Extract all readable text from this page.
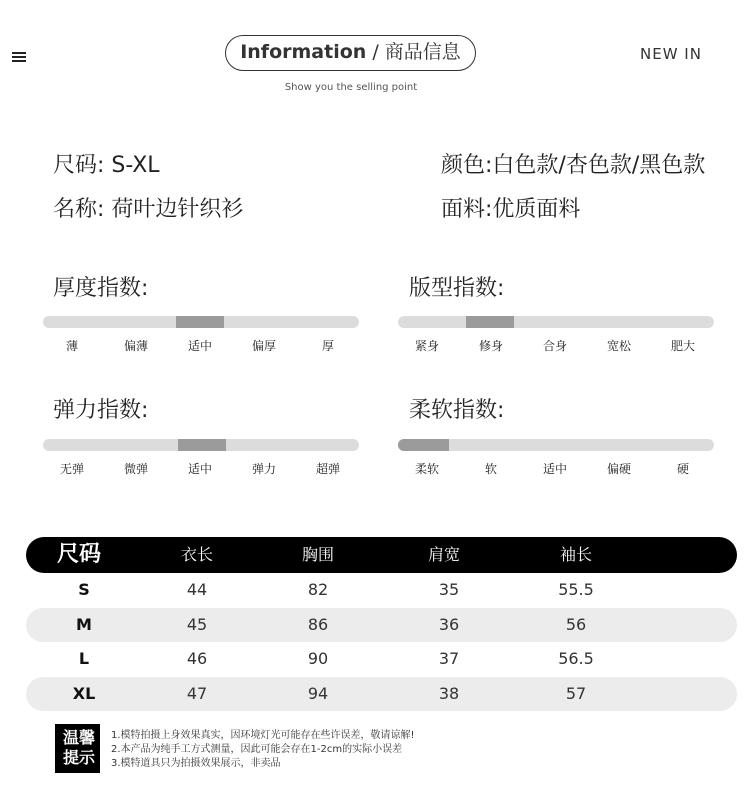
Information / 商品信息
Show you the selling point
NEW IN
尺码: S-XL
名称: 荷叶边针织衫
颜色:白色款/杏色款/黑色款
面料:优质面料
厚度指数:
薄	偏薄	适中	偏厚	厚
版型指数:
紧身	修身	合身	宽松	肥大
弹力指数:
无弹	微弹	适中	弹力	超弹
柔软指数:
柔软	软	适中	偏硬	硬
尺码	衣长	胸围	肩宽	袖长
S	44	82	35	55.5
M	45	86	36	56
L	46	90	37	56.5
XL	47	94	38	57
温馨
提示
1.模特拍摄上身效果真实，因环境灯光可能存在些许误差，敬请谅解!
2.本产品为纯手工方式测量，因此可能会存在1-2cm的实际小误差
3.模特道具只为拍摄效果展示，非卖品
